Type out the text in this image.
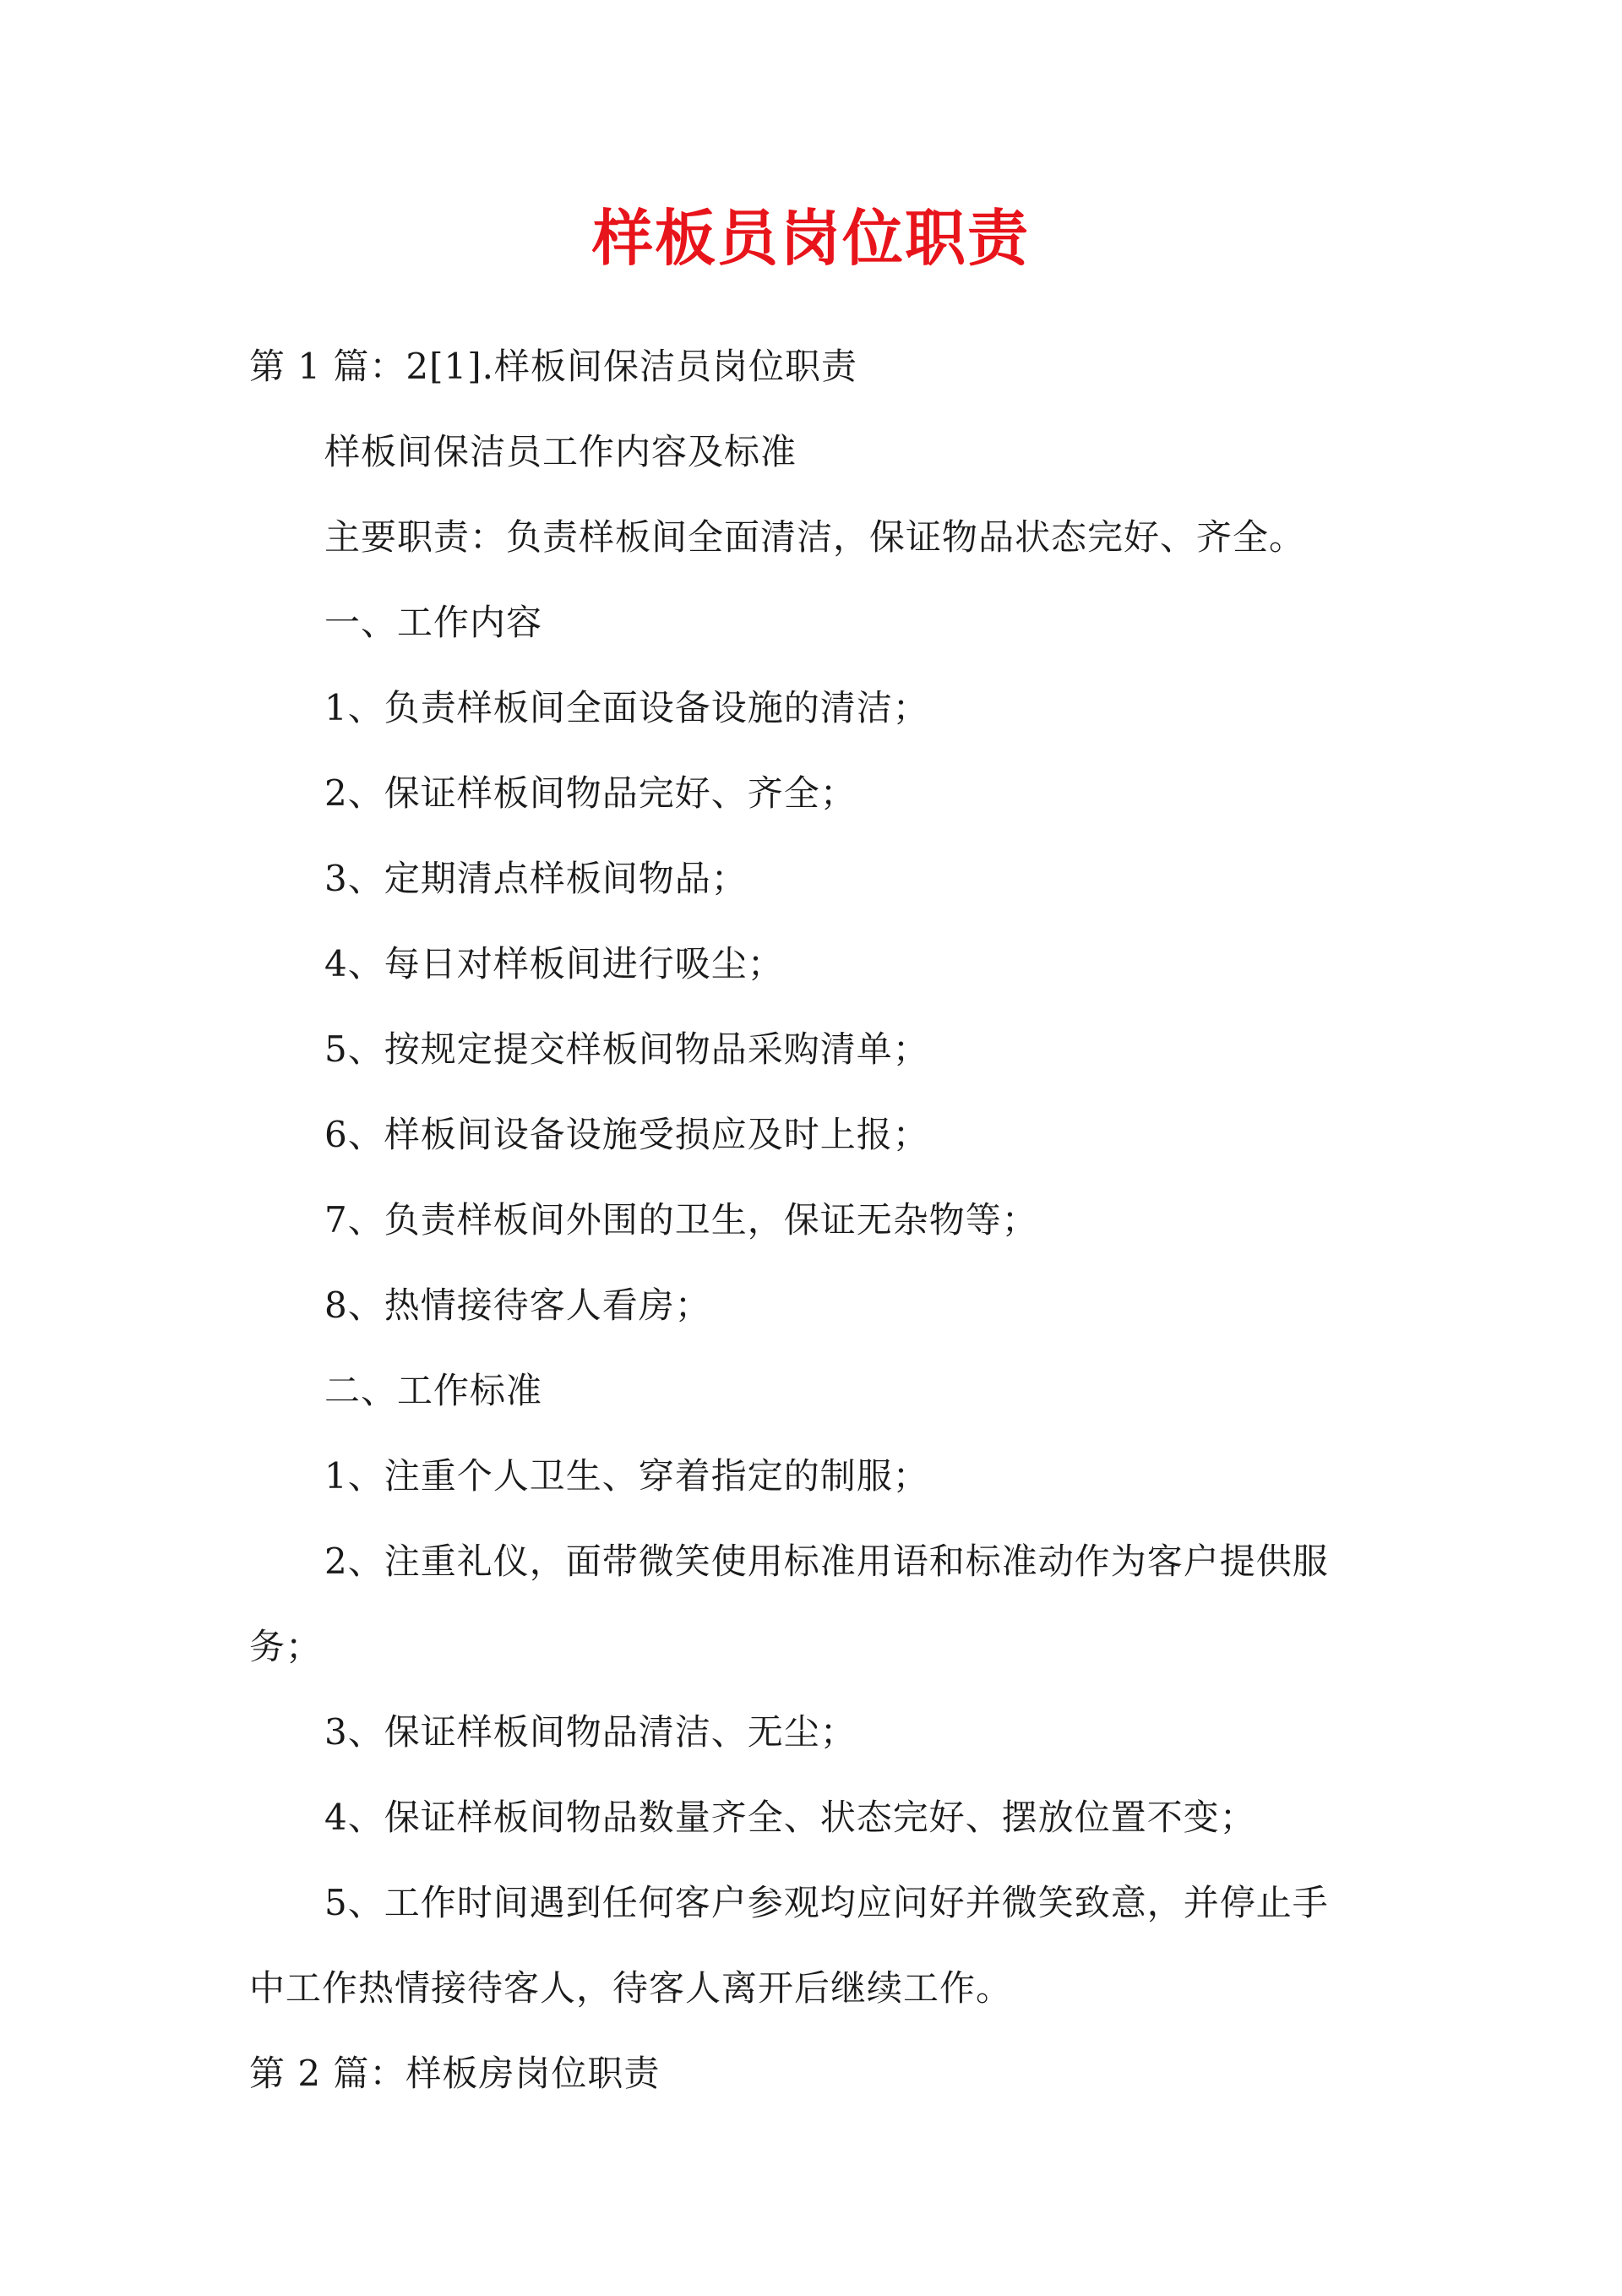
样板员岗位职责
第 1 篇：2[1].样板间保洁员岗位职责
样板间保洁员工作内容及标准
主要职责：负责样板间全面清洁，保证物品状态完好、齐全。
一、工作内容
1、负责样板间全面设备设施的清洁；
2、保证样板间物品完好、齐全；
3、定期清点样板间物品；
4、每日对样板间进行吸尘；
5、按规定提交样板间物品采购清单；
6、样板间设备设施受损应及时上报；
7、负责样板间外围的卫生，保证无杂物等；
8、热情接待客人看房；
二、工作标准
1、注重个人卫生、穿着指定的制服；
2、注重礼仪，面带微笑使用标准用语和标准动作为客户提供服
务；
3、保证样板间物品清洁、无尘；
4、保证样板间物品数量齐全、状态完好、摆放位置不变；
5、工作时间遇到任何客户参观均应问好并微笑致意，并停止手
中工作热情接待客人，待客人离开后继续工作。
第 2 篇：样板房岗位职责
